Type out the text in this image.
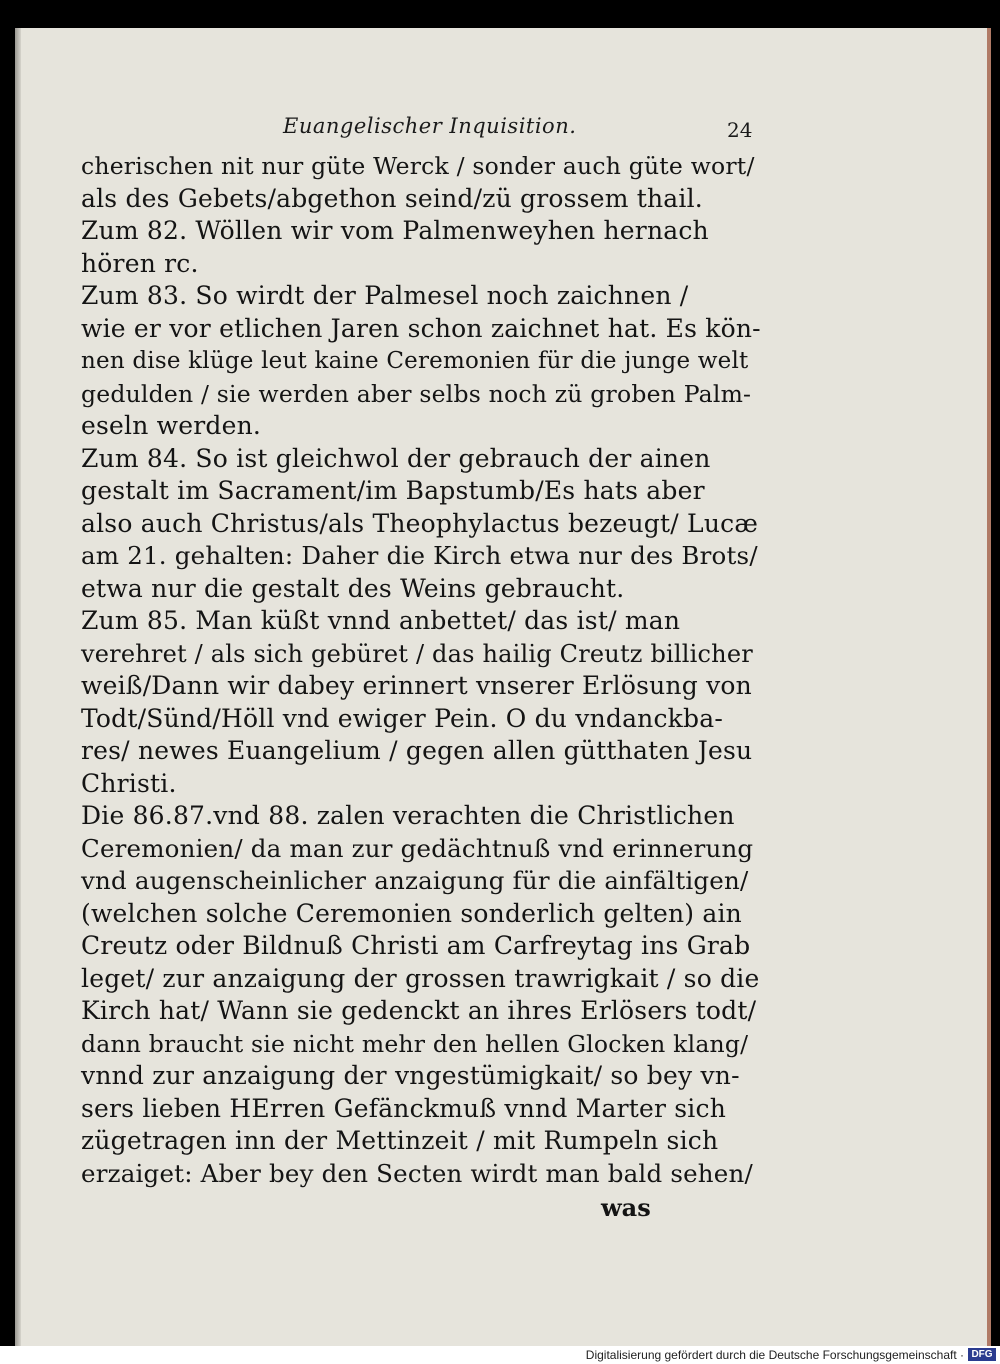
Euangelischer Inquisition.	24
cherischen nit nur güte Werck / sonder auch güte wort/
als des Gebets/abgethon seind/zü grossem thail.
Zum 82. Wöllen wir vom Palmenweyhen hernach
hören rc.
Zum 83. So wirdt der Palmesel noch zaichnen /
wie er vor etlichen Jaren schon zaichnet hat. Es kön-
nen dise klüge leut kaine Ceremonien für die junge welt
gedulden / sie werden aber selbs noch zü groben Palm-
eseln werden.
Zum 84. So ist gleichwol der gebrauch der ainen
gestalt im Sacrament/im Bapstumb/Es hats aber
also auch Christus/als Theophylactus bezeugt/ Lucæ
am 21. gehalten: Daher die Kirch etwa nur des Brots/
etwa nur die gestalt des Weins gebraucht.
Zum 85. Man küßt vnnd anbettet/ das ist/ man
verehret / als sich gebüret / das hailig Creutz billicher
weiß/Dann wir dabey erinnert vnserer Erlösung von
Todt/Sünd/Höll vnd ewiger Pein. O du vndanckba-
res/ newes Euangelium / gegen allen gütthaten Jesu
Christi.
Die 86.87.vnd 88. zalen verachten die Christlichen
Ceremonien/ da man zur gedächtnuß vnd erinnerung
vnd augenscheinlicher anzaigung für die ainfältigen/
(welchen solche Ceremonien sonderlich gelten) ain
Creutz oder Bildnuß Christi am Carfreytag ins Grab
leget/ zur anzaigung der grossen trawrigkait / so die
Kirch hat/ Wann sie gedenckt an ihres Erlösers todt/
dann braucht sie nicht mehr den hellen Glocken klang/
vnnd zur anzaigung der vngestümigkait/ so bey vn-
sers lieben HErren Gefänckmuß vnnd Marter sich
zügetragen inn der Mettinzeit / mit Rumpeln sich
erzaiget: Aber bey den Secten wirdt man bald sehen/
was
Digitalisierung gefördert durch die Deutsche Forschungsgemeinschaft · DFG
